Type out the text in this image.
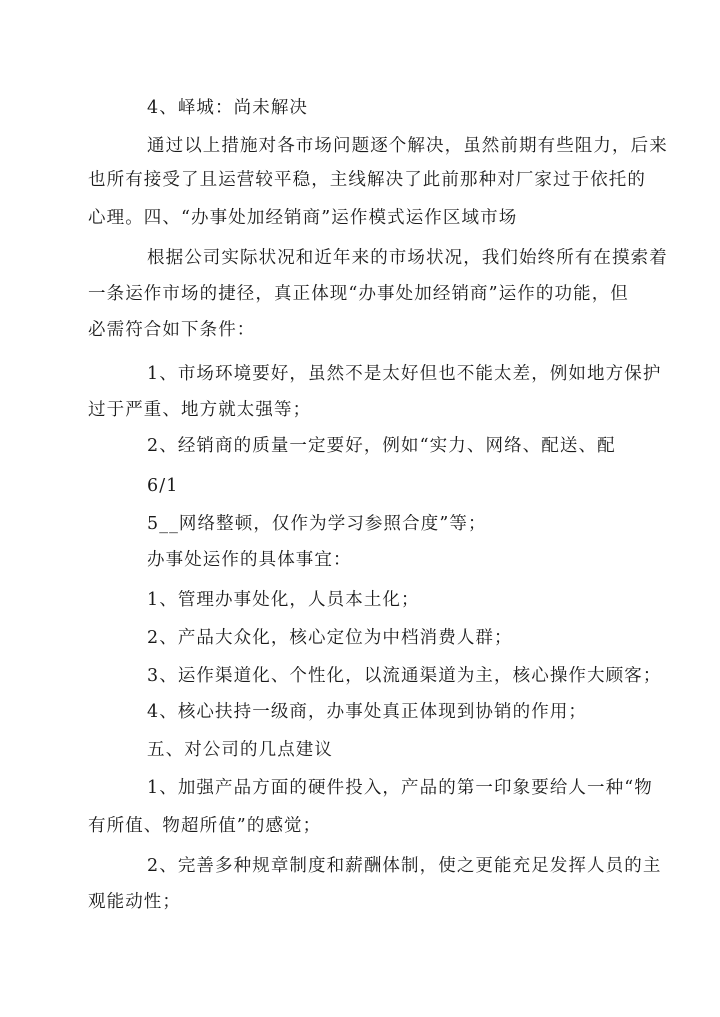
4、峄城：尚未解决
通过以上措施对各市场问题逐个解决，虽然前期有些阻力，后来
也所有接受了且运营较平稳，主线解决了此前那种对厂家过于依托的
心理。四、“办事处加经销商”运作模式运作区域市场
根据公司实际状况和近年来的市场状况，我们始终所有在摸索着
一条运作市场的捷径，真正体现“办事处加经销商”运作的功能，但
必需符合如下条件：
1、市场环境要好，虽然不是太好但也不能太差，例如地方保护
过于严重、地方就太强等；
2、经销商的质量一定要好，例如“实力、网络、配送、配
6/1
5__网络整顿，仅作为学习参照合度”等；
办事处运作的具体事宜：
1、管理办事处化，人员本土化；
2、产品大众化，核心定位为中档消费人群；
3、运作渠道化、个性化，以流通渠道为主，核心操作大顾客；
4、核心扶持一级商，办事处真正体现到协销的作用；
五、对公司的几点建议
1、加强产品方面的硬件投入，产品的第一印象要给人一种“物
有所值、物超所值”的感觉；
2、完善多种规章制度和薪酬体制，使之更能充足发挥人员的主
观能动性；
